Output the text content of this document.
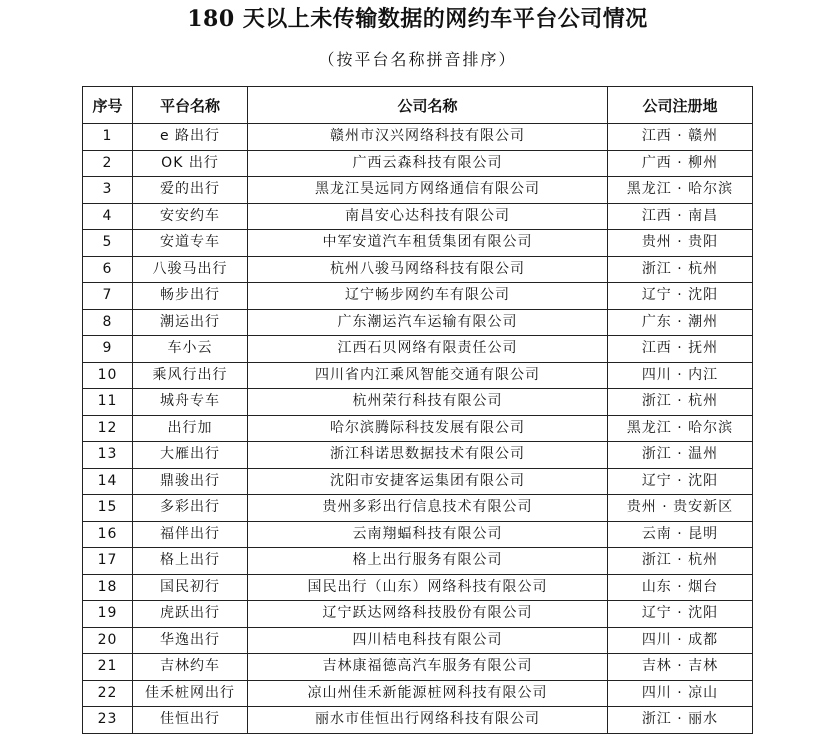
180 天以上未传输数据的网约车平台公司情况
（按平台名称拼音排序）
序号	平台名称	公司名称	公司注册地
1	e 路出行	赣州市汉兴网络科技有限公司	江西 · 赣州
2	OK 出行	广西云森科技有限公司	广西 · 柳州
3	爱的出行	黑龙江昊远同方网络通信有限公司	黑龙江 · 哈尔滨
4	安安约车	南昌安心达科技有限公司	江西 · 南昌
5	安道专车	中军安道汽车租赁集团有限公司	贵州 · 贵阳
6	八骏马出行	杭州八骏马网络科技有限公司	浙江 · 杭州
7	畅步出行	辽宁畅步网约车有限公司	辽宁 · 沈阳
8	潮运出行	广东潮运汽车运输有限公司	广东 · 潮州
9	车小云	江西石贝网络有限责任公司	江西 · 抚州
10	乘风行出行	四川省内江乘风智能交通有限公司	四川 · 内江
11	城舟专车	杭州荣行科技有限公司	浙江 · 杭州
12	出行加	哈尔滨腾际科技发展有限公司	黑龙江 · 哈尔滨
13	大雁出行	浙江科诺思数据技术有限公司	浙江 · 温州
14	鼎骏出行	沈阳市安捷客运集团有限公司	辽宁 · 沈阳
15	多彩出行	贵州多彩出行信息技术有限公司	贵州 · 贵安新区
16	福伴出行	云南翔蝠科技有限公司	云南 · 昆明
17	格上出行	格上出行服务有限公司	浙江 · 杭州
18	国民初行	国民出行（山东）网络科技有限公司	山东 · 烟台
19	虎跃出行	辽宁跃达网络科技股份有限公司	辽宁 · 沈阳
20	华逸出行	四川桔电科技有限公司	四川 · 成都
21	吉林约车	吉林康福德高汽车服务有限公司	吉林 · 吉林
22	佳禾桩网出行	凉山州佳禾新能源桩网科技有限公司	四川 · 凉山
23	佳恒出行	丽水市佳恒出行网络科技有限公司	浙江 · 丽水
